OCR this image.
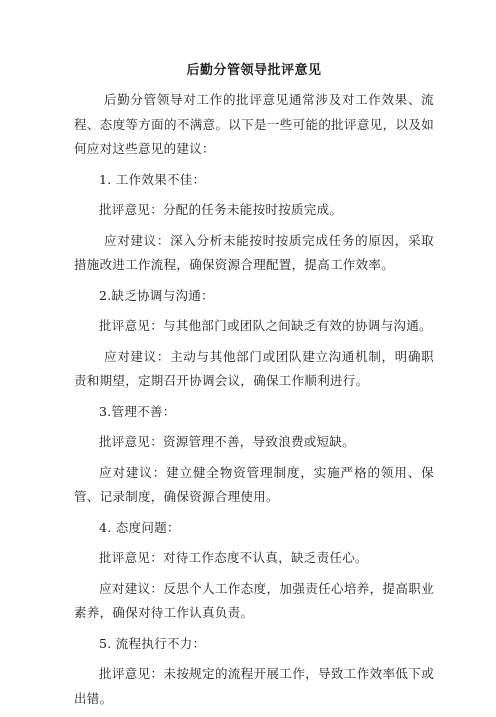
后勤分管领导批评意见
后勤分管领导对工作的批评意见通常涉及对工作效果、流程、态度等方面的不满意。以下是一些可能的批评意见，以及如何应对这些意见的建议：
1. 工作效果不佳：
批评意见：分配的任务未能按时按质完成。
应对建议：深入分析未能按时按质完成任务的原因，采取措施改进工作流程，确保资源合理配置，提高工作效率。
2.缺乏协调与沟通：
批评意见：与其他部门或团队之间缺乏有效的协调与沟通。
应对建议：主动与其他部门或团队建立沟通机制，明确职责和期望，定期召开协调会议，确保工作顺利进行。
3.管理不善：
批评意见：资源管理不善，导致浪费或短缺。
应对建议：建立健全物资管理制度，实施严格的领用、保管、记录制度，确保资源合理使用。
4. 态度问题：
批评意见：对待工作态度不认真，缺乏责任心。
应对建议：反思个人工作态度，加强责任心培养，提高职业素养，确保对待工作认真负责。
5. 流程执行不力：
批评意见：未按规定的流程开展工作，导致工作效率低下或出错。
